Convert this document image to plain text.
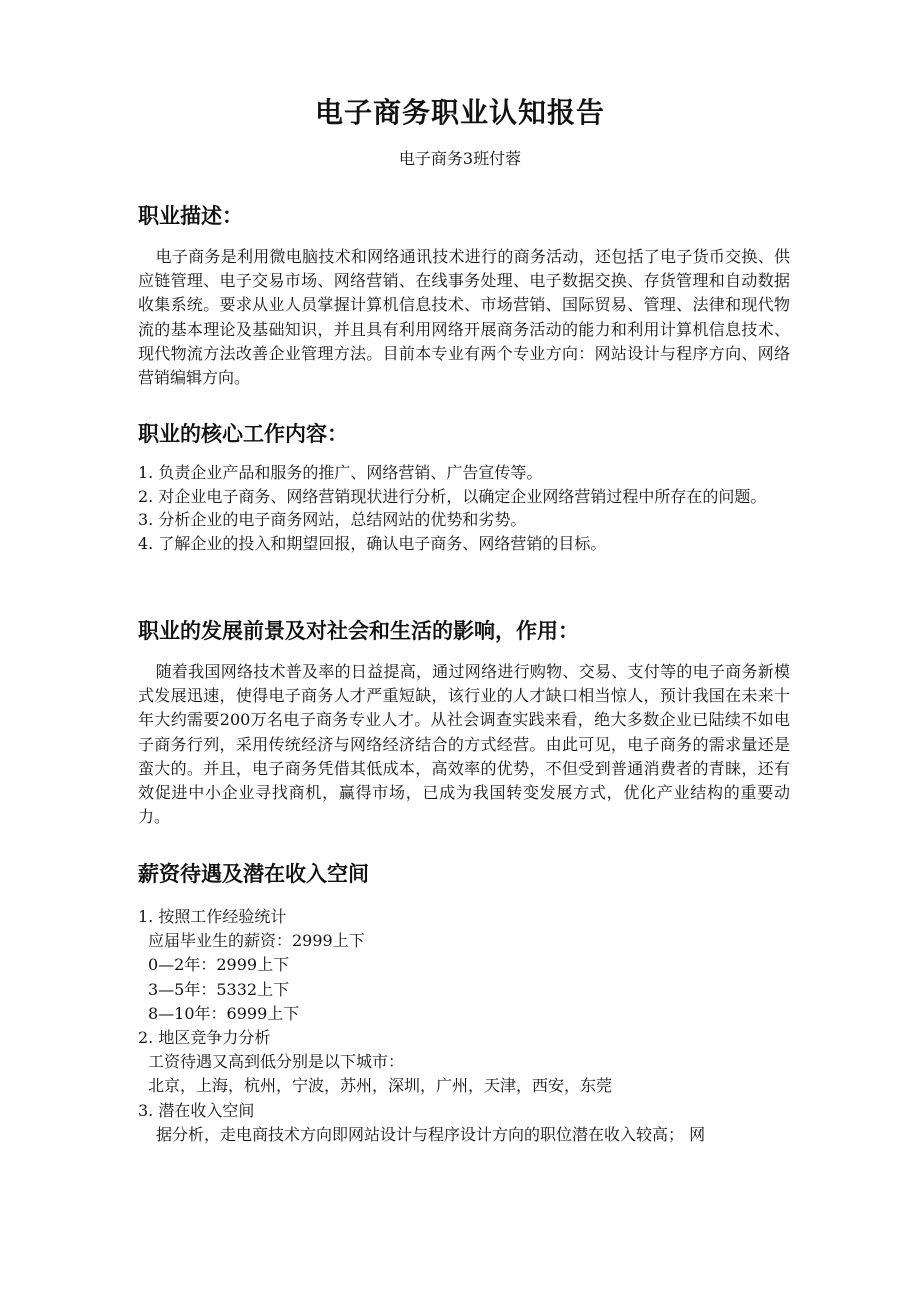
电子商务职业认知报告
电子商务3班付蓉
职业描述：
电子商务是利用微电脑技术和网络通讯技术进行的商务活动，还包括了电子货币交换、供应链管理、电子交易市场、网络营销、在线事务处理、电子数据交换、存货管理和自动数据收集系统。要求从业人员掌握计算机信息技术、市场营销、国际贸易、管理、法律和现代物流的基本理论及基础知识，并且具有利用网络开展商务活动的能力和利用计算机信息技术、现代物流方法改善企业管理方法。目前本专业有两个专业方向：网站设计与程序方向、网络营销编辑方向。
职业的核心工作内容：
1. 负责企业产品和服务的推广、网络营销、广告宣传等。
2. 对企业电子商务、网络营销现状进行分析，以确定企业网络营销过程中所存在的问题。
3. 分析企业的电子商务网站，总结网站的优势和劣势。
4. 了解企业的投入和期望回报，确认电子商务、网络营销的目标。
职业的发展前景及对社会和生活的影响，作用：
随着我国网络技术普及率的日益提高，通过网络进行购物、交易、支付等的电子商务新模式发展迅速，使得电子商务人才严重短缺，该行业的人才缺口相当惊人，预计我国在未来十年大约需要200万名电子商务专业人才。从社会调查实践来看，绝大多数企业已陆续不如电子商务行列，采用传统经济与网络经济结合的方式经营。由此可见，电子商务的需求量还是蛮大的。并且，电子商务凭借其低成本，高效率的优势，不但受到普通消费者的青睐，还有效促进中小企业寻找商机，赢得市场，已成为我国转变发展方式，优化产业结构的重要动力。
薪资待遇及潜在收入空间
1. 按照工作经验统计
应届毕业生的薪资：2999上下
0—2年：2999上下
3—5年：5332上下
8—10年：6999上下
2. 地区竞争力分析
工资待遇又高到低分别是以下城市：
北京，上海，杭州，宁波，苏州，深圳，广州，天津，西安，东莞
3. 潜在收入空间
据分析，走电商技术方向即网站设计与程序设计方向的职位潜在收入较高； 网
